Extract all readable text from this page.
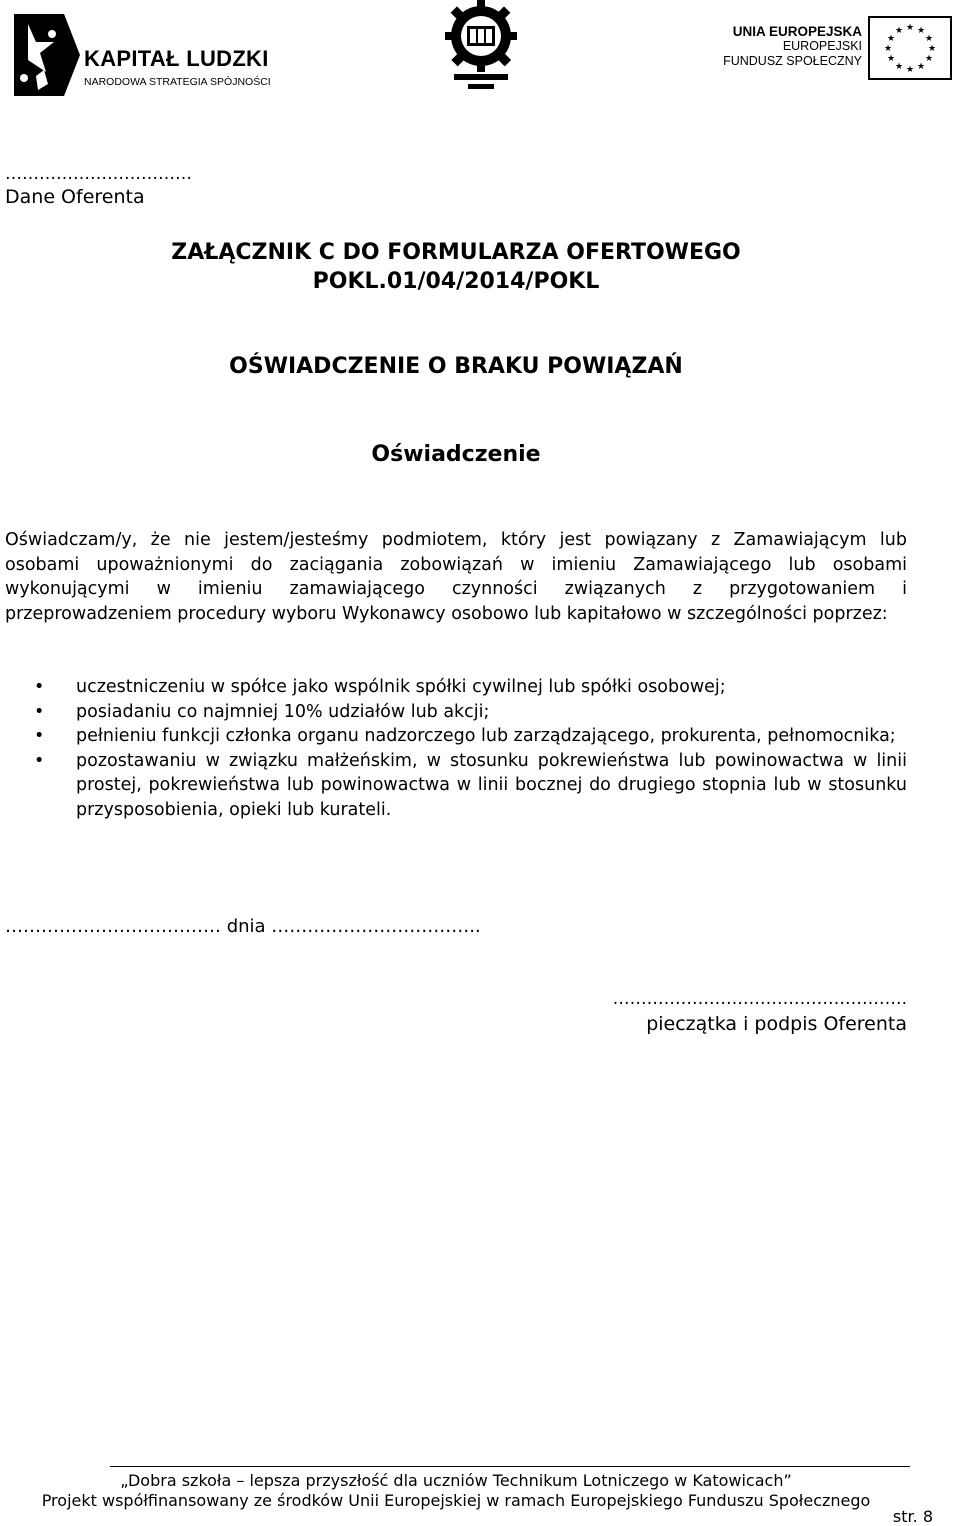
KAPITAŁ LUDZKI
NARODOWA STRATEGIA SPÓJNOŚCI
UNIA EUROPEJSKA
EUROPEJSKI
FUNDUSZ SPOŁECZNY
★ ★
★
★
★
★
★
★
★
★
★
★
……………………………
Dane Oferenta
ZAŁĄCZNIK C DO FORMULARZA OFERTOWEGO
POKL.01/04/2014/POKL
OŚWIADCZENIE O BRAKU POWIĄZAŃ
Oświadczenie

Oświadczam/y, że nie jestem/jesteśmy podmiotem, który jest powiązany z Zamawiającym lub osobami upoważnionymi do zaciągania zobowiązań w imieniu Zamawiającego lub osobami wykonującymi w imieniu zamawiającego czynności związanych z przygotowaniem i przeprowadzeniem procedury wyboru Wykonawcy osobowo lub kapitałowo w szczególności poprzez:

• uczestniczeniu w spółce jako wspólnik spółki cywilnej lub spółki osobowej;
• posiadaniu co najmniej 10% udziałów lub akcji;
• pełnieniu funkcji członka organu nadzorczego lub zarządzającego, prokurenta, pełnomocnika;
• pozostawaniu w związku małżeńskim, w stosunku pokrewieństwa lub powinowactwa w linii prostej, pokrewieństwa lub powinowactwa w linii bocznej do drugiego stopnia lub w stosunku przysposobienia, opieki lub kurateli.
……………………………… dnia ……………………………..
…………………………………………….
pieczątka i podpis Oferenta
„Dobra szkoła – lepsza przyszłość dla uczniów Technikum Lotniczego w Katowicach”
Projekt współfinansowany ze środków Unii Europejskiej w ramach Europejskiego Funduszu Społecznego
str. 8
